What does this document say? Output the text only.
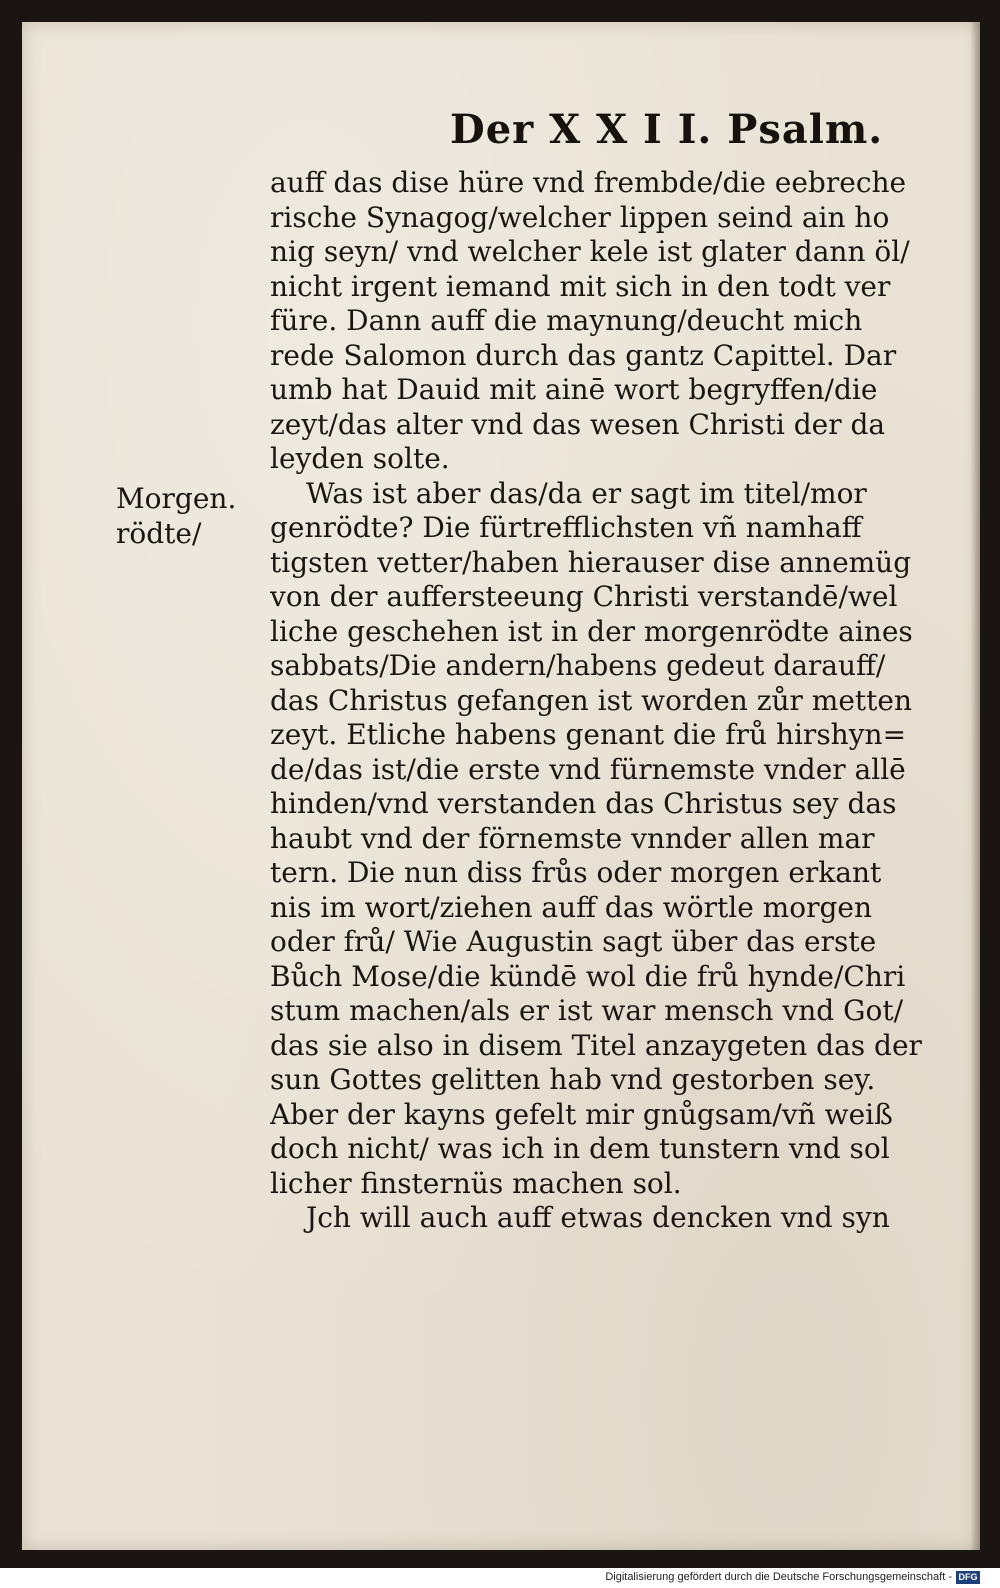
Der X X I I. Psalm.
Morgen.
rödte/
auff das dise hüre vnd frembde/die eebreche
rische Synagog/welcher lippen seind ain ho
nig seyn/ vnd welcher kele ist glater dann öl/
nicht irgent iemand mit sich in den todt ver
füre. Dann auff die maynung/deucht mich
rede Salomon durch das gantz Capittel. Dar
umb hat Dauid mit ainē wort begryffen/die
zeyt/das alter vnd das wesen Christi der da
leyden solte.
Was ist aber das/da er sagt im titel/mor
genrödte? Die fürtrefflichsten vñ namhaff
tigsten vetter/haben hierauser dise annemüg
von der auffersteeung Christi verstandē/wel
liche geschehen ist in der morgenrödte aines
sabbats/Die andern/habens gedeut darauff/
das Christus gefangen ist worden zůr metten
zeyt. Etliche habens genant die frů hirshyn=
de/das ist/die erste vnd fürnemste vnder allē
hinden/vnd verstanden das Christus sey das
haubt vnd der förnemste vnnder allen mar
tern. Die nun diss frůs oder morgen erkant
nis im wort/ziehen auff das wörtle morgen
oder frů/ Wie Augustin sagt über das erste
Bůch Mose/die kündē wol die frů hynde/Chri
stum machen/als er ist war mensch vnd Got/
das sie also in disem Titel anzaygeten das der
sun Gottes gelitten hab vnd gestorben sey.
Aber der kayns gefelt mir gnůgsam/vñ weiß
doch nicht/ was ich in dem tunstern vnd sol
licher finsternüs machen sol.
Jch will auch auff etwas dencken vnd syn
Digitalisierung gefördert durch die Deutsche Forschungsgemeinschaft - DFG
